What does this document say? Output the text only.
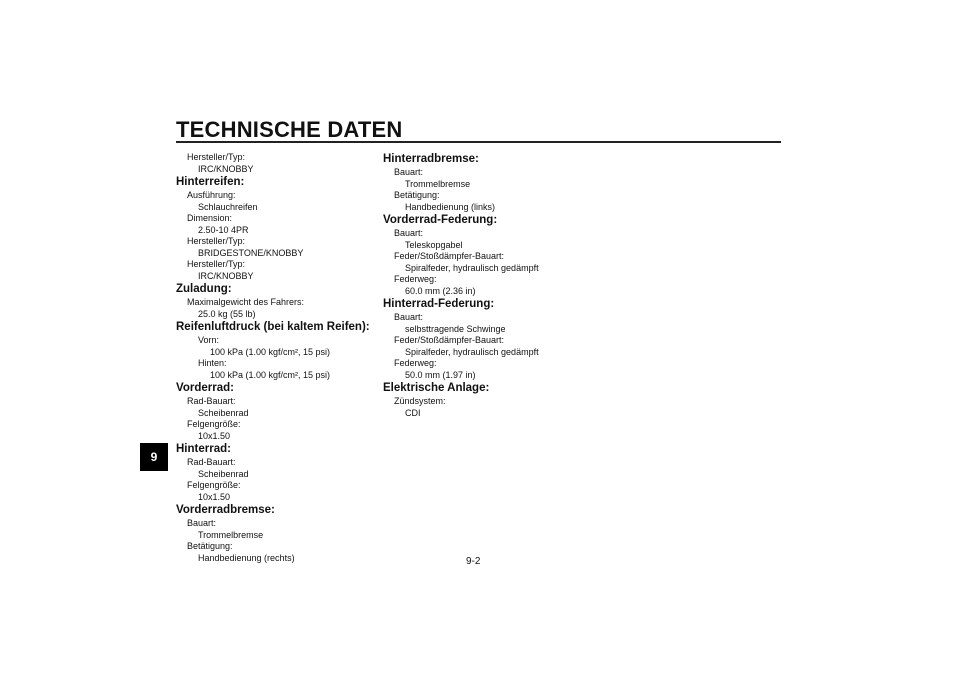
TECHNISCHE DATEN
9
9-2
Hersteller/Typ:
IRC/KNOBBY
Hinterreifen:
Ausführung:
Schlauchreifen
Dimension:
2.50-10 4PR
Hersteller/Typ:
BRIDGESTONE/KNOBBY
Hersteller/Typ:
IRC/KNOBBY
Zuladung:
Maximalgewicht des Fahrers:
25.0 kg (55 lb)
Reifenluftdruck (bei kaltem Reifen):
Vorn:
100 kPa (1.00 kgf/cm², 15 psi)
Hinten:
100 kPa (1.00 kgf/cm², 15 psi)
Vorderrad:
Rad-Bauart:
Scheibenrad
Felgengröße:
10x1.50
Hinterrad:
Rad-Bauart:
Scheibenrad
Felgengröße:
10x1.50
Vorderradbremse:
Bauart:
Trommelbremse
Betätigung:
Handbedienung (rechts)
Hinterradbremse:
Bauart:
Trommelbremse
Betätigung:
Handbedienung (links)
Vorderrad-Federung:
Bauart:
Teleskopgabel
Feder/Stoßdämpfer-Bauart:
Spiralfeder, hydraulisch gedämpft
Federweg:
60.0 mm (2.36 in)
Hinterrad-Federung:
Bauart:
selbsttragende Schwinge
Feder/Stoßdämpfer-Bauart:
Spiralfeder, hydraulisch gedämpft
Federweg:
50.0 mm (1.97 in)
Elektrische Anlage:
Zündsystem:
CDI
